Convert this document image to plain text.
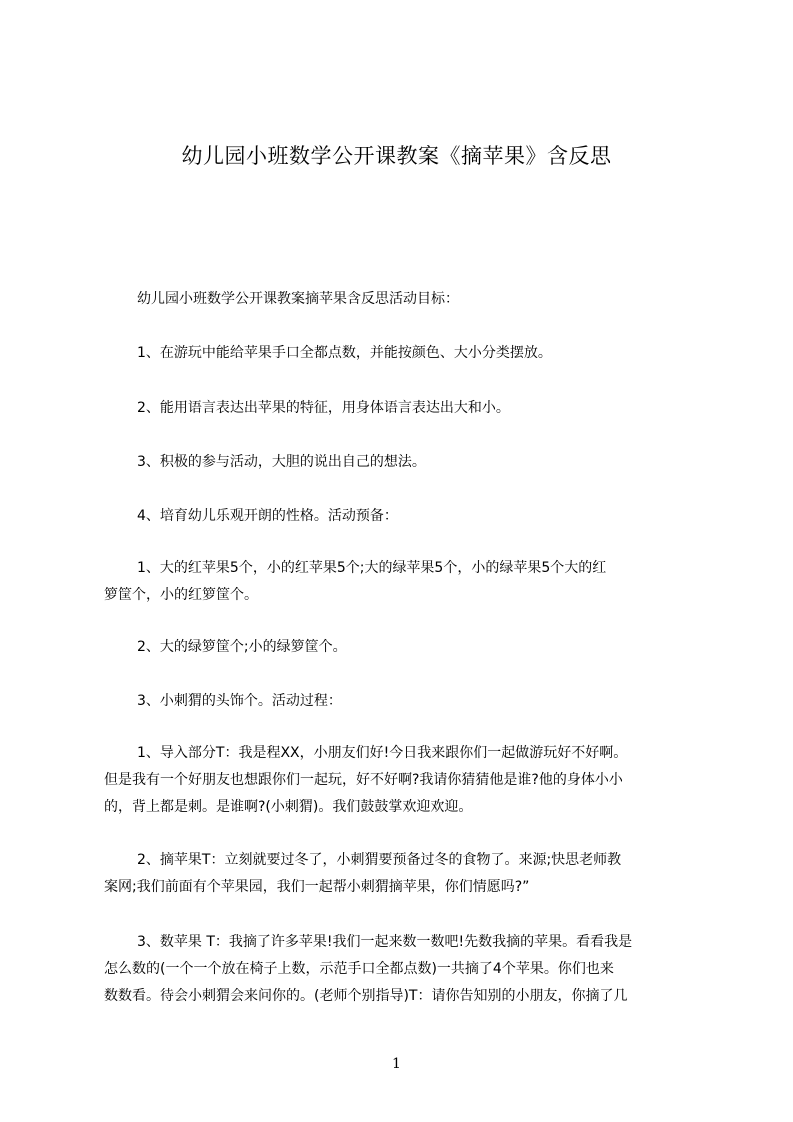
幼儿园小班数学公开课教案《摘苹果》含反思
幼儿园小班数学公开课教案摘苹果含反思活动目标：
1、在游玩中能给苹果手口全都点数，并能按颜色、大小分类摆放。
2、能用语言表达出苹果的特征，用身体语言表达出大和小。
3、积极的参与活动，大胆的说出自己的想法。
4、培育幼儿乐观开朗的性格。活动预备：
1、大的红苹果5个，小的红苹果5个;大的绿苹果5个，小的绿苹果5个大的红
箩筐个，小的红箩筐个。
2、大的绿箩筐个;小的绿箩筐个。
3、小刺猬的头饰个。活动过程：
1、导入部分T：我是程XX，小朋友们好!今日我来跟你们一起做游玩好不好啊。
但是我有一个好朋友也想跟你们一起玩，好不好啊?我请你猜猜他是谁?他的身体小小
的，背上都是刺。是谁啊?(小刺猬)。我们鼓鼓掌欢迎欢迎。
2、摘苹果T：立刻就要过冬了，小刺猬要预备过冬的食物了。来源;快思老师教
案网;我们前面有个苹果园，我们一起帮小刺猬摘苹果，你们情愿吗?”
3、数苹果 T：我摘了许多苹果!我们一起来数一数吧!先数我摘的苹果。看看我是
怎么数的(一个一个放在椅子上数，示范手口全都点数)一共摘了4个苹果。你们也来
数数看。待会小刺猬会来问你的。(老师个别指导)T：请你告知别的小朋友，你摘了几
1
